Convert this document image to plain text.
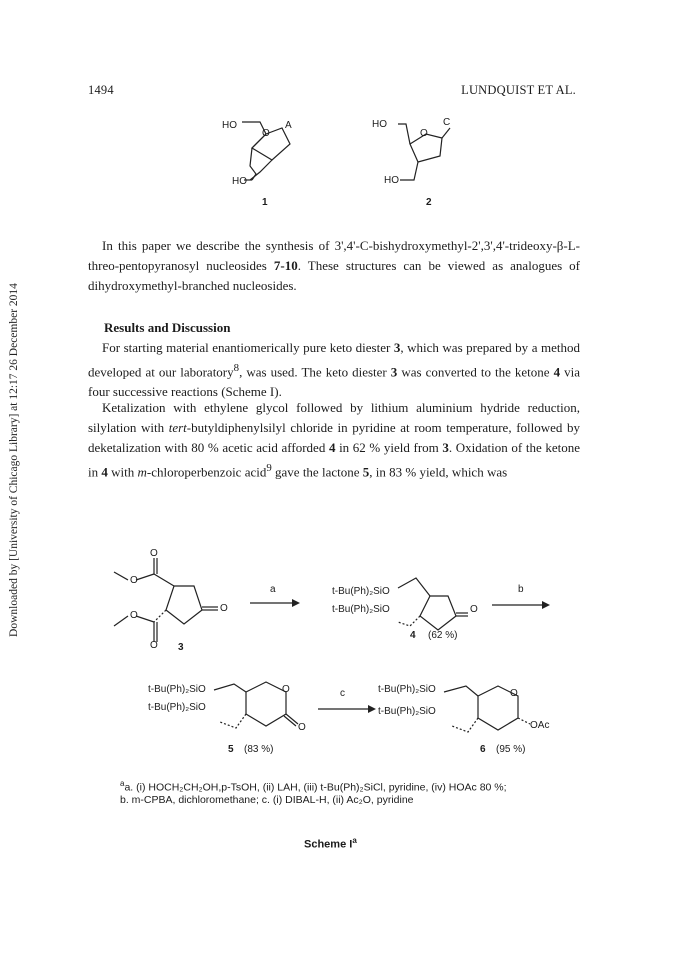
1494	LUNDQUIST ET AL.
Downloaded by [University of Chicago Library] at 12:17 26 December 2014
HO
O
A
HO
1
HO
O
C
HO
2

In this paper we describe the synthesis of 3',4'-C-bishydroxymethyl-2',3',4'-trideoxy-β-L-threo-pentopyranosyl nucleosides 7-10. These structures can be viewed as analogues of dihydroxymethyl-branched nucleosides.

Results and Discussion

For starting material enantiomerically pure keto diester 3, which was prepared by a method developed at our laboratory$^8$, was used. The keto diester 3 was converted to the ketone 4 via four successive reactions (Scheme I).

Ketalization with ethylene glycol followed by lithium aluminium hydride reduction, silylation with tert-butyldiphenylsilyl chloride in pyridine at room temperature, followed by deketalization with 80 % acetic acid afforded 4 in 62 % yield from 3. Oxidation of the ketone in 4 with m-chloroperbenzoic acid$^9$ gave the lactone 5, in 83 % yield, which was

O
O
O
O
O 3
a	t-Bu(Ph)₂SiO
t-Bu(Ph)₂SiO	O
4 (62 %)
b
t-Bu(Ph)₂SiO
t-Bu(Ph)₂SiO
O
O
5 (83 %)
c	t-Bu(Ph)₂SiO
t-Bu(Ph)₂SiO
O
OAc
6 (95 %)
$^a$a. (i) HOCH₂CH₂OH,p-TsOH, (ii) LAH, (iii) t-Bu(Ph)₂SiCl, pyridine, (iv) HOAc 80 %;
b. m-CPBA, dichloromethane; c. (i) DIBAL-H, (ii) Ac₂O, pyridine
Scheme $I^a$
